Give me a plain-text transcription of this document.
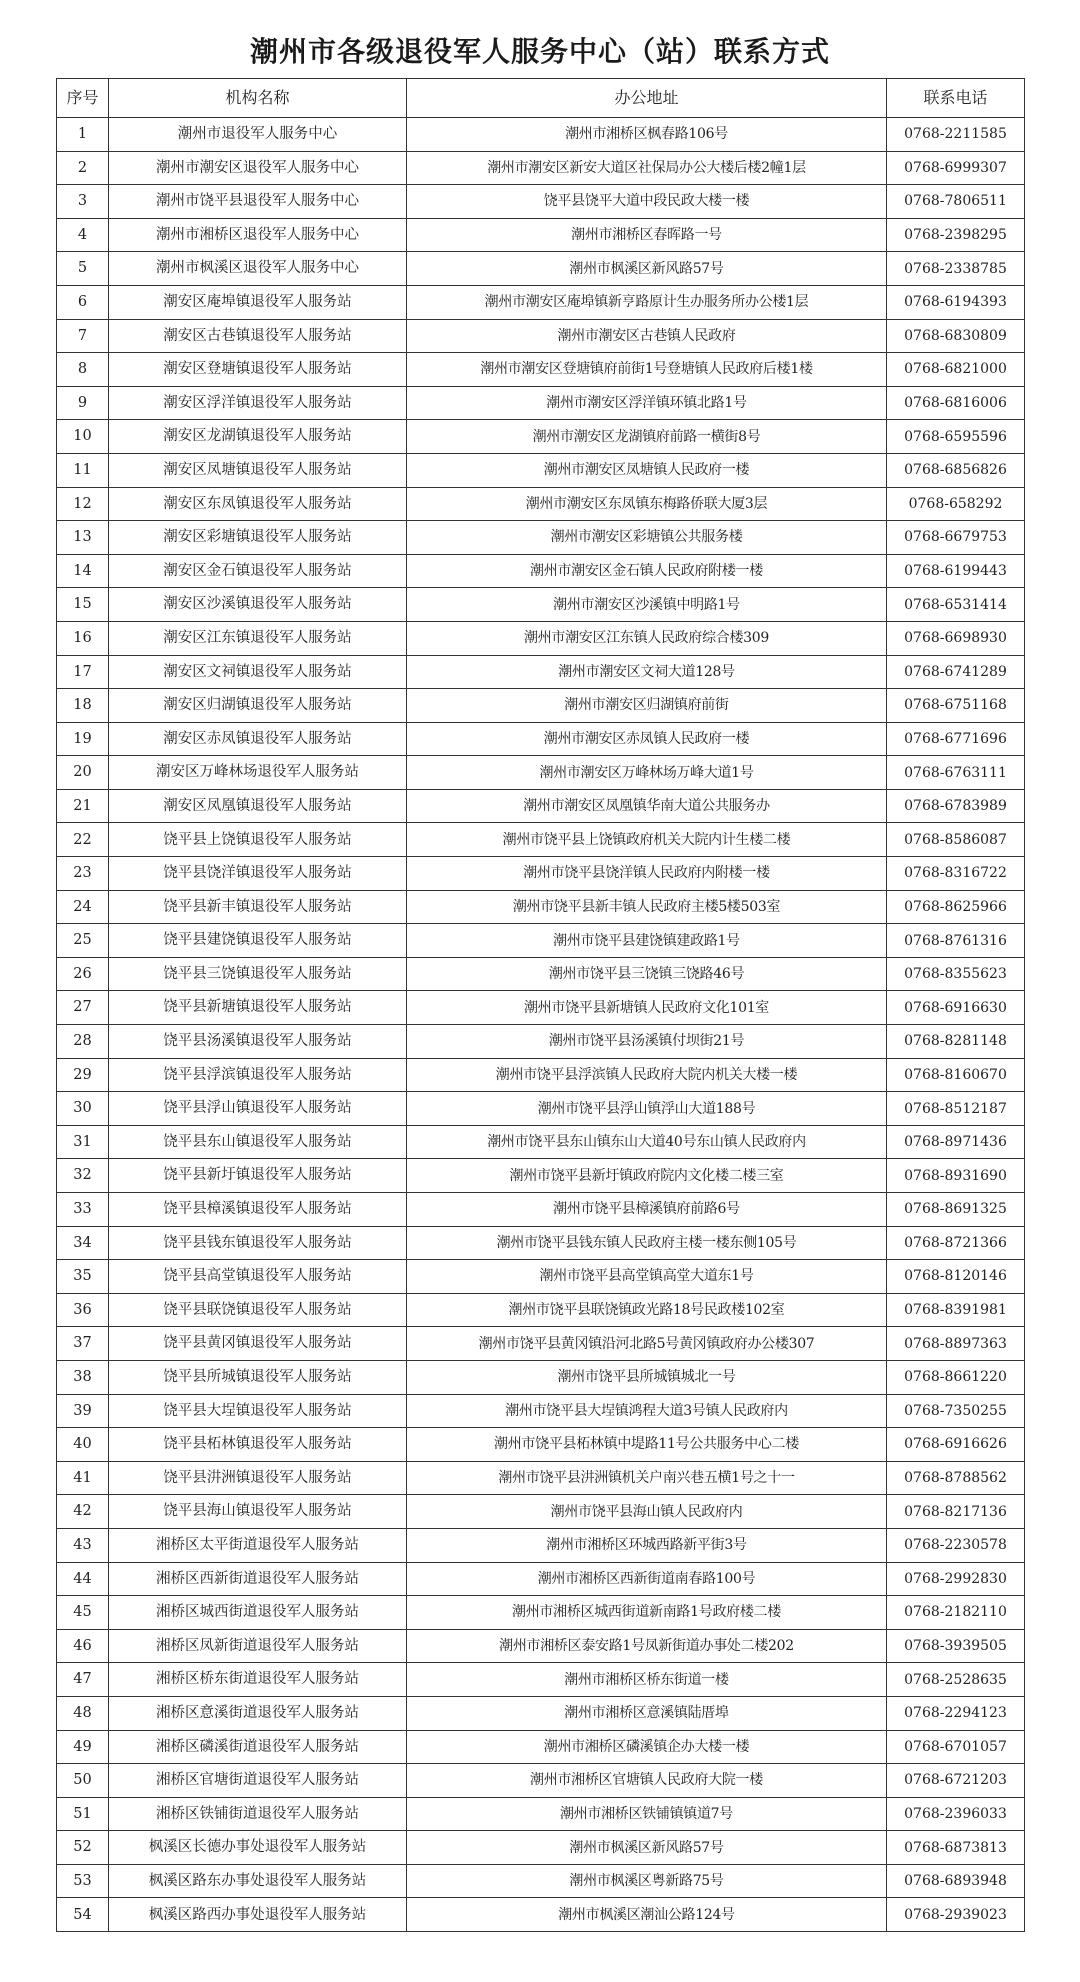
潮州市各级退役军人服务中心（站）联系方式
序号	机构名称	办公地址	联系电话
1	潮州市退役军人服务中心	潮州市湘桥区枫春路106号	0768-2211585
2	潮州市潮安区退役军人服务中心	潮州市潮安区新安大道区社保局办公大楼后楼2幢1层	0768-6999307
3	潮州市饶平县退役军人服务中心	饶平县饶平大道中段民政大楼一楼	0768-7806511
4	潮州市湘桥区退役军人服务中心	潮州市湘桥区春晖路一号	0768-2398295
5	潮州市枫溪区退役军人服务中心	潮州市枫溪区新风路57号	0768-2338785
6	潮安区庵埠镇退役军人服务站	潮州市潮安区庵埠镇新亨路原计生办服务所办公楼1层	0768-6194393
7	潮安区古巷镇退役军人服务站	潮州市潮安区古巷镇人民政府	0768-6830809
8	潮安区登塘镇退役军人服务站	潮州市潮安区登塘镇府前街1号登塘镇人民政府后楼1楼	0768-6821000
9	潮安区浮洋镇退役军人服务站	潮州市潮安区浮洋镇环镇北路1号	0768-6816006
10	潮安区龙湖镇退役军人服务站	潮州市潮安区龙湖镇府前路一横街8号	0768-6595596
11	潮安区凤塘镇退役军人服务站	潮州市潮安区凤塘镇人民政府一楼	0768-6856826
12	潮安区东凤镇退役军人服务站	潮州市潮安区东凤镇东梅路侨联大厦3层	0768-658292
13	潮安区彩塘镇退役军人服务站	潮州市潮安区彩塘镇公共服务楼	0768-6679753
14	潮安区金石镇退役军人服务站	潮州市潮安区金石镇人民政府附楼一楼	0768-6199443
15	潮安区沙溪镇退役军人服务站	潮州市潮安区沙溪镇中明路1号	0768-6531414
16	潮安区江东镇退役军人服务站	潮州市潮安区江东镇人民政府综合楼309	0768-6698930
17	潮安区文祠镇退役军人服务站	潮州市潮安区文祠大道128号	0768-6741289
18	潮安区归湖镇退役军人服务站	潮州市潮安区归湖镇府前街	0768-6751168
19	潮安区赤凤镇退役军人服务站	潮州市潮安区赤凤镇人民政府一楼	0768-6771696
20	潮安区万峰林场退役军人服务站	潮州市潮安区万峰林场万峰大道1号	0768-6763111
21	潮安区凤凰镇退役军人服务站	潮州市潮安区凤凰镇华南大道公共服务办	0768-6783989
22	饶平县上饶镇退役军人服务站	潮州市饶平县上饶镇政府机关大院内计生楼二楼	0768-8586087
23	饶平县饶洋镇退役军人服务站	潮州市饶平县饶洋镇人民政府内附楼一楼	0768-8316722
24	饶平县新丰镇退役军人服务站	潮州市饶平县新丰镇人民政府主楼5楼503室	0768-8625966
25	饶平县建饶镇退役军人服务站	潮州市饶平县建饶镇建政路1号	0768-8761316
26	饶平县三饶镇退役军人服务站	潮州市饶平县三饶镇三饶路46号	0768-8355623
27	饶平县新塘镇退役军人服务站	潮州市饶平县新塘镇人民政府文化101室	0768-6916630
28	饶平县汤溪镇退役军人服务站	潮州市饶平县汤溪镇付坝街21号	0768-8281148
29	饶平县浮滨镇退役军人服务站	潮州市饶平县浮滨镇人民政府大院内机关大楼一楼	0768-8160670
30	饶平县浮山镇退役军人服务站	潮州市饶平县浮山镇浮山大道188号	0768-8512187
31	饶平县东山镇退役军人服务站	潮州市饶平县东山镇东山大道40号东山镇人民政府内	0768-8971436
32	饶平县新圩镇退役军人服务站	潮州市饶平县新圩镇政府院内文化楼二楼三室	0768-8931690
33	饶平县樟溪镇退役军人服务站	潮州市饶平县樟溪镇府前路6号	0768-8691325
34	饶平县钱东镇退役军人服务站	潮州市饶平县钱东镇人民政府主楼一楼东侧105号	0768-8721366
35	饶平县高堂镇退役军人服务站	潮州市饶平县高堂镇高堂大道东1号	0768-8120146
36	饶平县联饶镇退役军人服务站	潮州市饶平县联饶镇政光路18号民政楼102室	0768-8391981
37	饶平县黄冈镇退役军人服务站	潮州市饶平县黄冈镇沿河北路5号黄冈镇政府办公楼307	0768-8897363
38	饶平县所城镇退役军人服务站	潮州市饶平县所城镇城北一号	0768-8661220
39	饶平县大埕镇退役军人服务站	潮州市饶平县大埕镇鸿程大道3号镇人民政府内	0768-7350255
40	饶平县柘林镇退役军人服务站	潮州市饶平县柘林镇中堤路11号公共服务中心二楼	0768-6916626
41	饶平县汫洲镇退役军人服务站	潮州市饶平县汫洲镇机关户南兴巷五横1号之十一	0768-8788562
42	饶平县海山镇退役军人服务站	潮州市饶平县海山镇人民政府内	0768-8217136
43	湘桥区太平街道退役军人服务站	潮州市湘桥区环城西路新平街3号	0768-2230578
44	湘桥区西新街道退役军人服务站	潮州市湘桥区西新街道南春路100号	0768-2992830
45	湘桥区城西街道退役军人服务站	潮州市湘桥区城西街道新南路1号政府楼二楼	0768-2182110
46	湘桥区凤新街道退役军人服务站	潮州市湘桥区泰安路1号凤新街道办事处二楼202	0768-3939505
47	湘桥区桥东街道退役军人服务站	潮州市湘桥区桥东街道一楼	0768-2528635
48	湘桥区意溪街道退役军人服务站	潮州市湘桥区意溪镇陆厝埠	0768-2294123
49	湘桥区磷溪街道退役军人服务站	潮州市湘桥区磷溪镇企办大楼一楼	0768-6701057
50	湘桥区官塘街道退役军人服务站	潮州市湘桥区官塘镇人民政府大院一楼	0768-6721203
51	湘桥区铁铺街道退役军人服务站	潮州市湘桥区铁铺镇镇道7号	0768-2396033
52	枫溪区长德办事处退役军人服务站	潮州市枫溪区新风路57号	0768-6873813
53	枫溪区路东办事处退役军人服务站	潮州市枫溪区粤新路75号	0768-6893948
54	枫溪区路西办事处退役军人服务站	潮州市枫溪区潮汕公路124号	0768-2939023
